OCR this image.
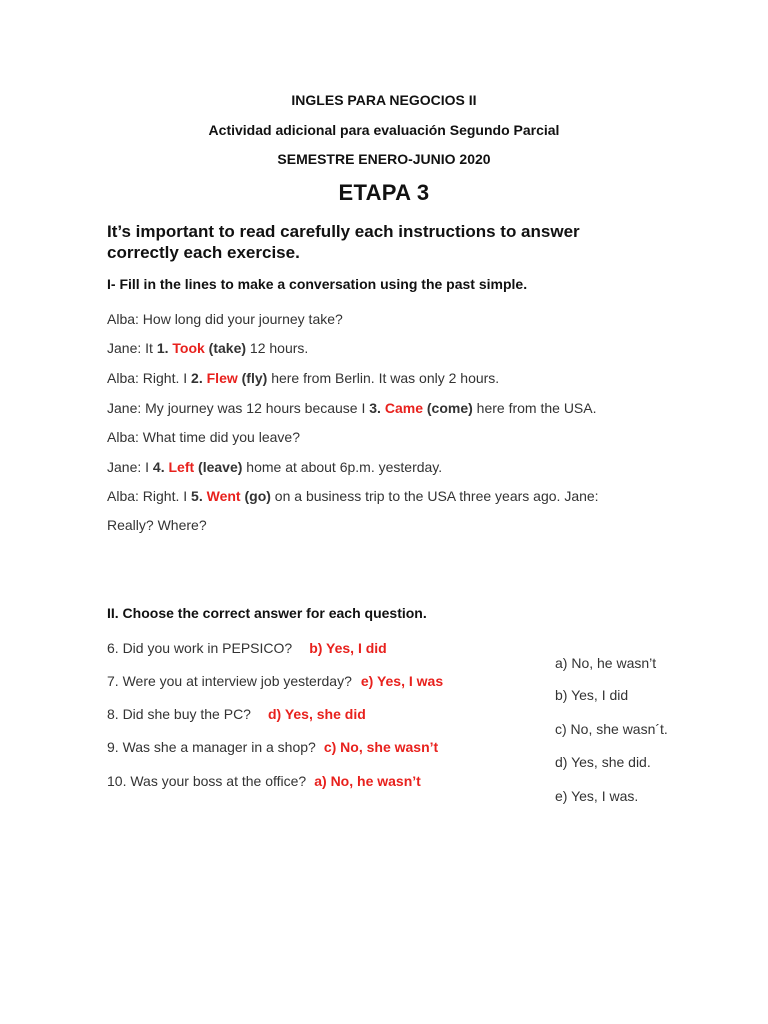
INGLES PARA NEGOCIOS II
Actividad adicional para evaluación Segundo Parcial
SEMESTRE ENERO-JUNIO 2020
ETAPA 3
It’s important to read carefully each instructions to answer
correctly each exercise.
I- Fill in the lines to make a conversation using the past simple.
Alba: How long did your journey take?
Jane: It 1. Took (take) 12 hours.
Alba: Right. I 2. Flew (fly) here from Berlin. It was only 2 hours.
Jane: My journey was 12 hours because I 3. Came (come) here from the USA.
Alba: What time did you leave?
Jane: I 4. Left (leave) home at about 6p.m. yesterday.
Alba: Right. I 5. Went (go) on a business trip to the USA three years ago. Jane:
Really? Where?
II. Choose the correct answer for each question.
6. Did you work in PEPSICO? b) Yes, I did
7. Were you at interview job yesterday? e) Yes, I was
8. Did she buy the PC? d) Yes, she did
9. Was she a manager in a shop? c) No, she wasn’t
10. Was your boss at the office? a) No, he wasn’t
a) No, he wasn’t
b) Yes, I did
c) No, she wasn´t.
d) Yes, she did.
e) Yes, I was.
